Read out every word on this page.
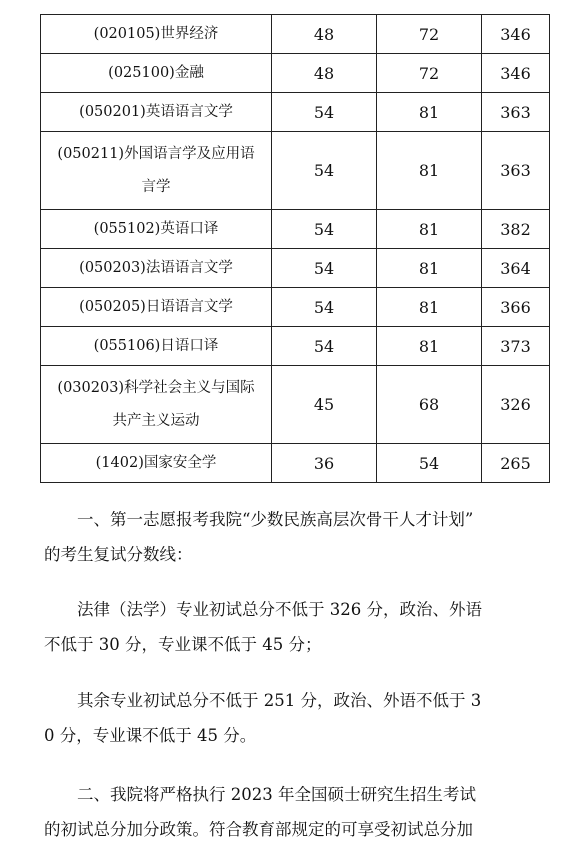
(020105)世界经济	48	72	346
(025100)金融	48	72	346
(050201)英语语言文学	54	81	363

(050211)外国语言学及应用语
言学	54	81	363
(055102)英语口译	54	81	382
(050203)法语语言文学	54	81	364
(050205)日语语言文学	54	81	366
(055106)日语口译	54	81	373

(030203)科学社会主义与国际
共产主义运动	45	68	326
(1402)国家安全学	36	54	265
一、第一志愿报考我院“少数民族高层次骨干人才计划”
的考生复试分数线：
法律（法学）专业初试总分不低于 326 分，政治、外语
不低于 30 分，专业课不低于 45 分；
其余专业初试总分不低于 251 分，政治、外语不低于 3
0 分，专业课不低于 45 分。
二、我院将严格执行 2023 年全国硕士研究生招生考试
的初试总分加分政策。符合教育部规定的可享受初试总分加
